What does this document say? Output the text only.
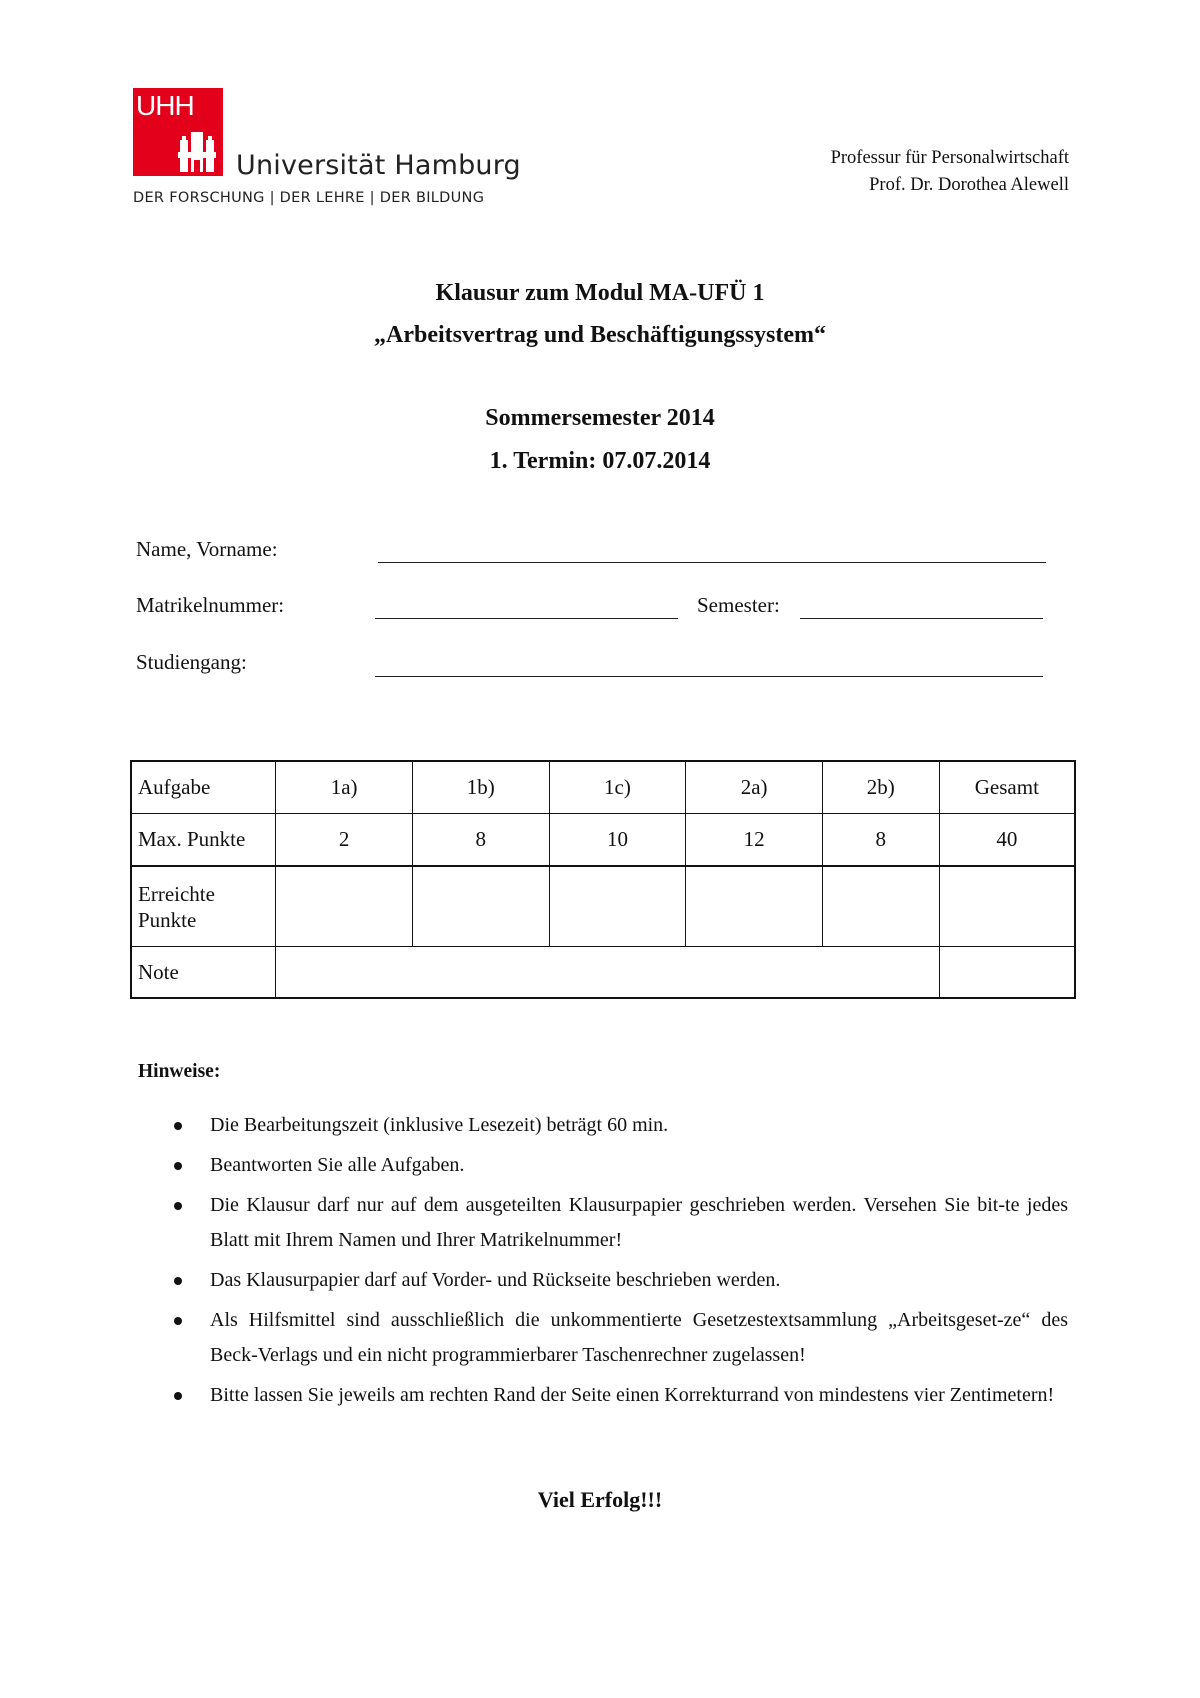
UHH
Universität Hamburg
DER FORSCHUNG | DER LEHRE | DER BILDUNG
Professur für Personalwirtschaft
Prof. Dr. Dorothea Alewell
Klausur zum Modul MA-UFÜ 1
„Arbeitsvertrag und Beschäftigungssystem“
Sommersemester 2014
1. Termin: 07.07.2014
Name, Vorname:
Matrikelnummer:	Semester:
Studiengang:
Aufgabe	1a)	1b)	1c)	2a)	2b)	Gesamt
Max. Punkte	2	8	10	12	8	40
Erreichte Punkte						
Note						
Hinweise:
Die Bearbeitungszeit (inklusive Lesezeit) beträgt 60 min.
Beantworten Sie alle Aufgaben.
Die Klausur darf nur auf dem ausgeteilten Klausurpapier geschrieben werden. Versehen Sie bit-te jedes Blatt mit Ihrem Namen und Ihrer Matrikelnummer!
Das Klausurpapier darf auf Vorder- und Rückseite beschrieben werden.
Als Hilfsmittel sind ausschließlich die unkommentierte Gesetzestextsammlung „Arbeitsgeset-ze“ des Beck-Verlags und ein nicht programmierbarer Taschenrechner zugelassen!
Bitte lassen Sie jeweils am rechten Rand der Seite einen Korrekturrand von mindestens vier Zentimetern!
Viel Erfolg!!!
